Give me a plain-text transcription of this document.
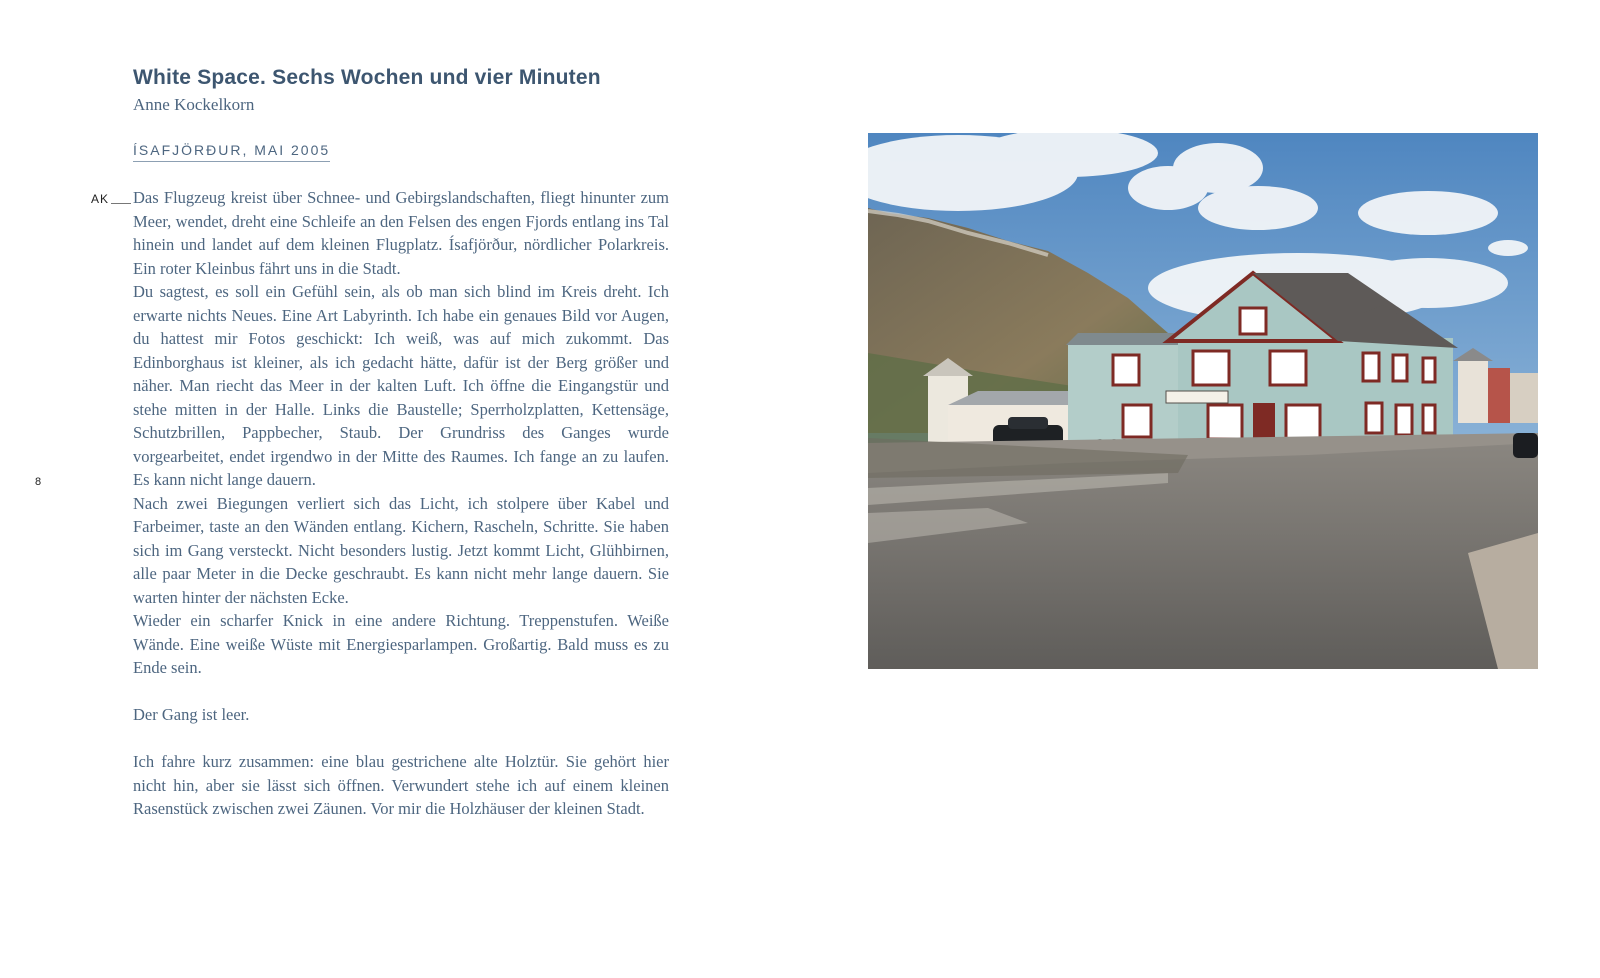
White Space. Sechs Wochen und vier Minuten
Anne Kockelkorn
ÍSAFJÖRÐUR, MAI 2005
AK
8

Das Flugzeug kreist über Schnee- und Gebirgslandschaften, fliegt hinunter zum Meer, wendet, dreht eine Schleife an den Felsen des engen Fjords entlang ins Tal hinein und landet auf dem kleinen Flugplatz. Ísafjörður, nördlicher Polarkreis. Ein roter Kleinbus fährt uns in die Stadt.

Du sagtest, es soll ein Gefühl sein, als ob man sich blind im Kreis dreht. Ich erwarte nichts Neues. Eine Art Labyrinth. Ich habe ein genaues Bild vor Augen, du hattest mir Fotos geschickt: Ich weiß, was auf mich zukommt. Das Edinborghaus ist kleiner, als ich gedacht hätte, dafür ist der Berg größer und näher. Man riecht das Meer in der kalten Luft. Ich öffne die Eingangstür und stehe mitten in der Halle. Links die Baustelle; Sperrholzplatten, Kettensäge, Schutzbrillen, Pappbecher, Staub. Der Grundriss des Ganges wurde vorgearbeitet, endet irgendwo in der Mitte des Raumes. Ich fange an zu laufen. Es kann nicht lange dauern.

Nach zwei Biegungen verliert sich das Licht, ich stolpere über Kabel und Farbeimer, taste an den Wänden entlang. Kichern, Rascheln, Schritte. Sie haben sich im Gang versteckt. Nicht besonders lustig. Jetzt kommt Licht, Glühbirnen, alle paar Meter in die Decke geschraubt. Es kann nicht mehr lange dauern. Sie warten hinter der nächsten Ecke.

Wieder ein scharfer Knick in eine andere Richtung. Treppenstufen. Weiße Wände. Eine weiße Wüste mit Energiesparlampen. Großartig. Bald muss es zu Ende sein.

Der Gang ist leer.

Ich fahre kurz zusammen: eine blau gestrichene alte Holztür. Sie gehört hier nicht hin, aber sie lässt sich öffnen. Verwundert stehe ich auf einem kleinen Rasenstück zwischen zwei Zäunen. Vor mir die Holzhäuser der kleinen Stadt.
